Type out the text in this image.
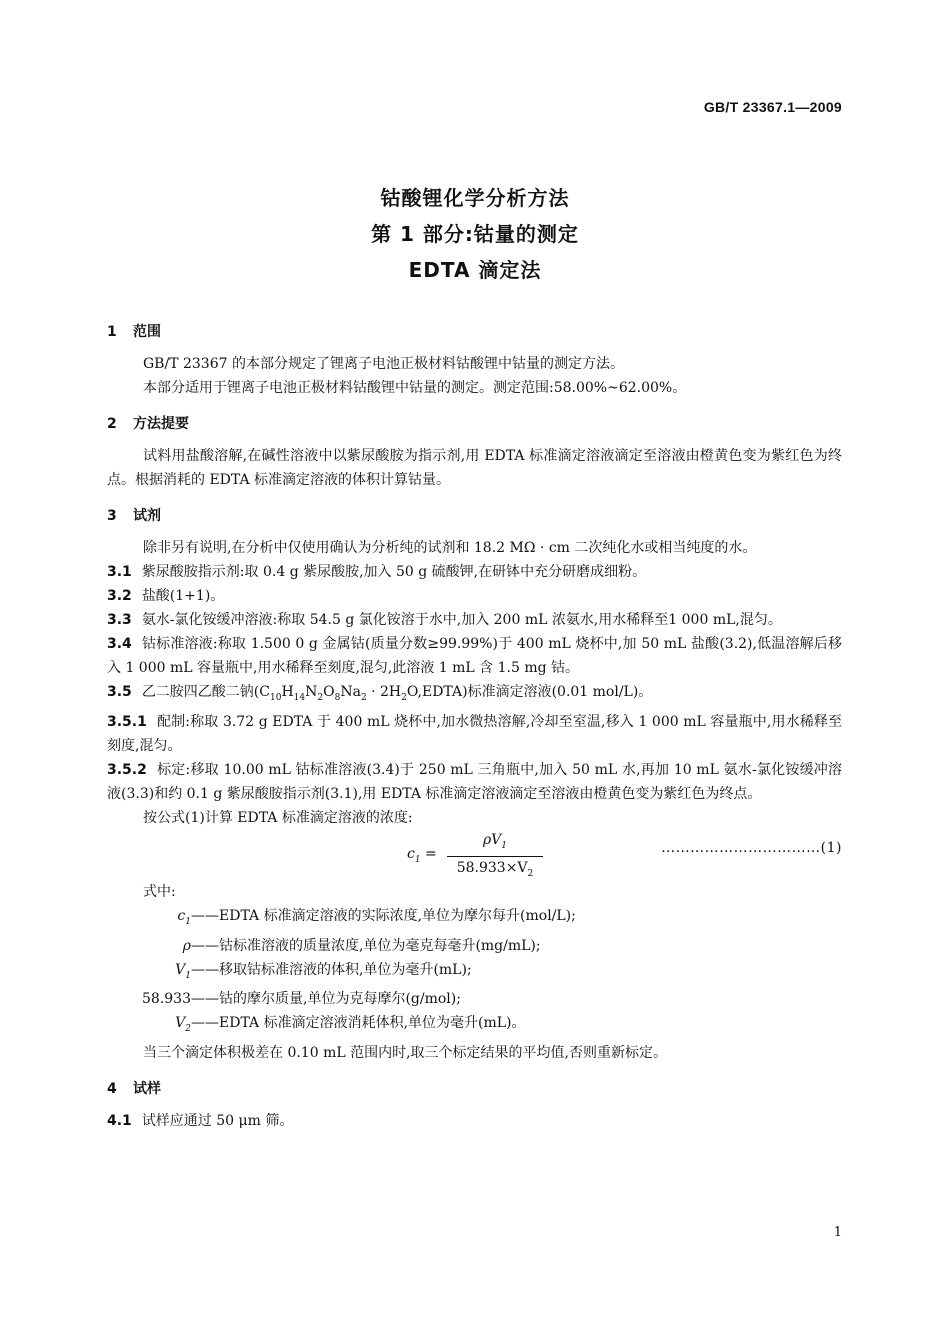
GB/T 23367.1—2009
钴酸锂化学分析方法
第 1 部分:钴量的测定
EDTA 滴定法
1 范围
GB/T 23367 的本部分规定了锂离子电池正极材料钴酸锂中钴量的测定方法。
本部分适用于锂离子电池正极材料钴酸锂中钴量的测定。测定范围:58.00%~62.00%。
2 方法提要
试料用盐酸溶解,在碱性溶液中以紫尿酸胺为指示剂,用 EDTA 标准滴定溶液滴定至溶液由橙黄色变为紫红色为终点。根据消耗的 EDTA 标准滴定溶液的体积计算钴量。
3 试剂
除非另有说明,在分析中仅使用确认为分析纯的试剂和 18.2 MΩ · cm 二次纯化水或相当纯度的水。
3.1 紫尿酸胺指示剂:取 0.4 g 紫尿酸胺,加入 50 g 硫酸钾,在研钵中充分研磨成细粉。
3.2 盐酸(1+1)。
3.3 氨水-氯化铵缓冲溶液:称取 54.5 g 氯化铵溶于水中,加入 200 mL 浓氨水,用水稀释至1 000 mL,混匀。
3.4 钴标准溶液:称取 1.500 0 g 金属钴(质量分数≥99.99%)于 400 mL 烧杯中,加 50 mL 盐酸(3.2),低温溶解后移入 1 000 mL 容量瓶中,用水稀释至刻度,混匀,此溶液 1 mL 含 1.5 mg 钴。
3.5 乙二胺四乙酸二钠($C_{10}H_{14}N_2O_8Na_2$ · $2H_2O,EDTA$)标准滴定溶液(0.01 mol/L)。
3.5.1 配制:称取 3.72 g EDTA 于 400 mL 烧杯中,加水微热溶解,冷却至室温,移入 1 000 mL 容量瓶中,用水稀释至刻度,混匀。
3.5.2 标定:移取 10.00 mL 钴标准溶液(3.4)于 250 mL 三角瓶中,加入 50 mL 水,再加 10 mL 氨水-氯化铵缓冲溶液(3.3)和约 0.1 g 紫尿酸胺指示剂(3.1),用 EDTA 标准滴定溶液滴定至溶液由橙黄色变为紫红色为终点。
按公式(1)计算 EDTA 标准滴定溶液的浓度:
$c_1 = \frac{\rho V_1}{58.933\times V_2}$	……………………………(1)
式中:
$c_1$ ——EDTA 标准滴定溶液的实际浓度,单位为摩尔每升(mol/L);
ρ ——钴标准溶液的质量浓度,单位为毫克每毫升(mg/mL);
$V_1$ ——移取钴标准溶液的体积,单位为毫升(mL);
58.933 ——钴的摩尔质量,单位为克每摩尔(g/mol);
$V_2$ ——EDTA 标准滴定溶液消耗体积,单位为毫升(mL)。
当三个滴定体积极差在 0.10 mL 范围内时,取三个标定结果的平均值,否则重新标定。
4 试样
4.1 试样应通过 50 μm 筛。
1
